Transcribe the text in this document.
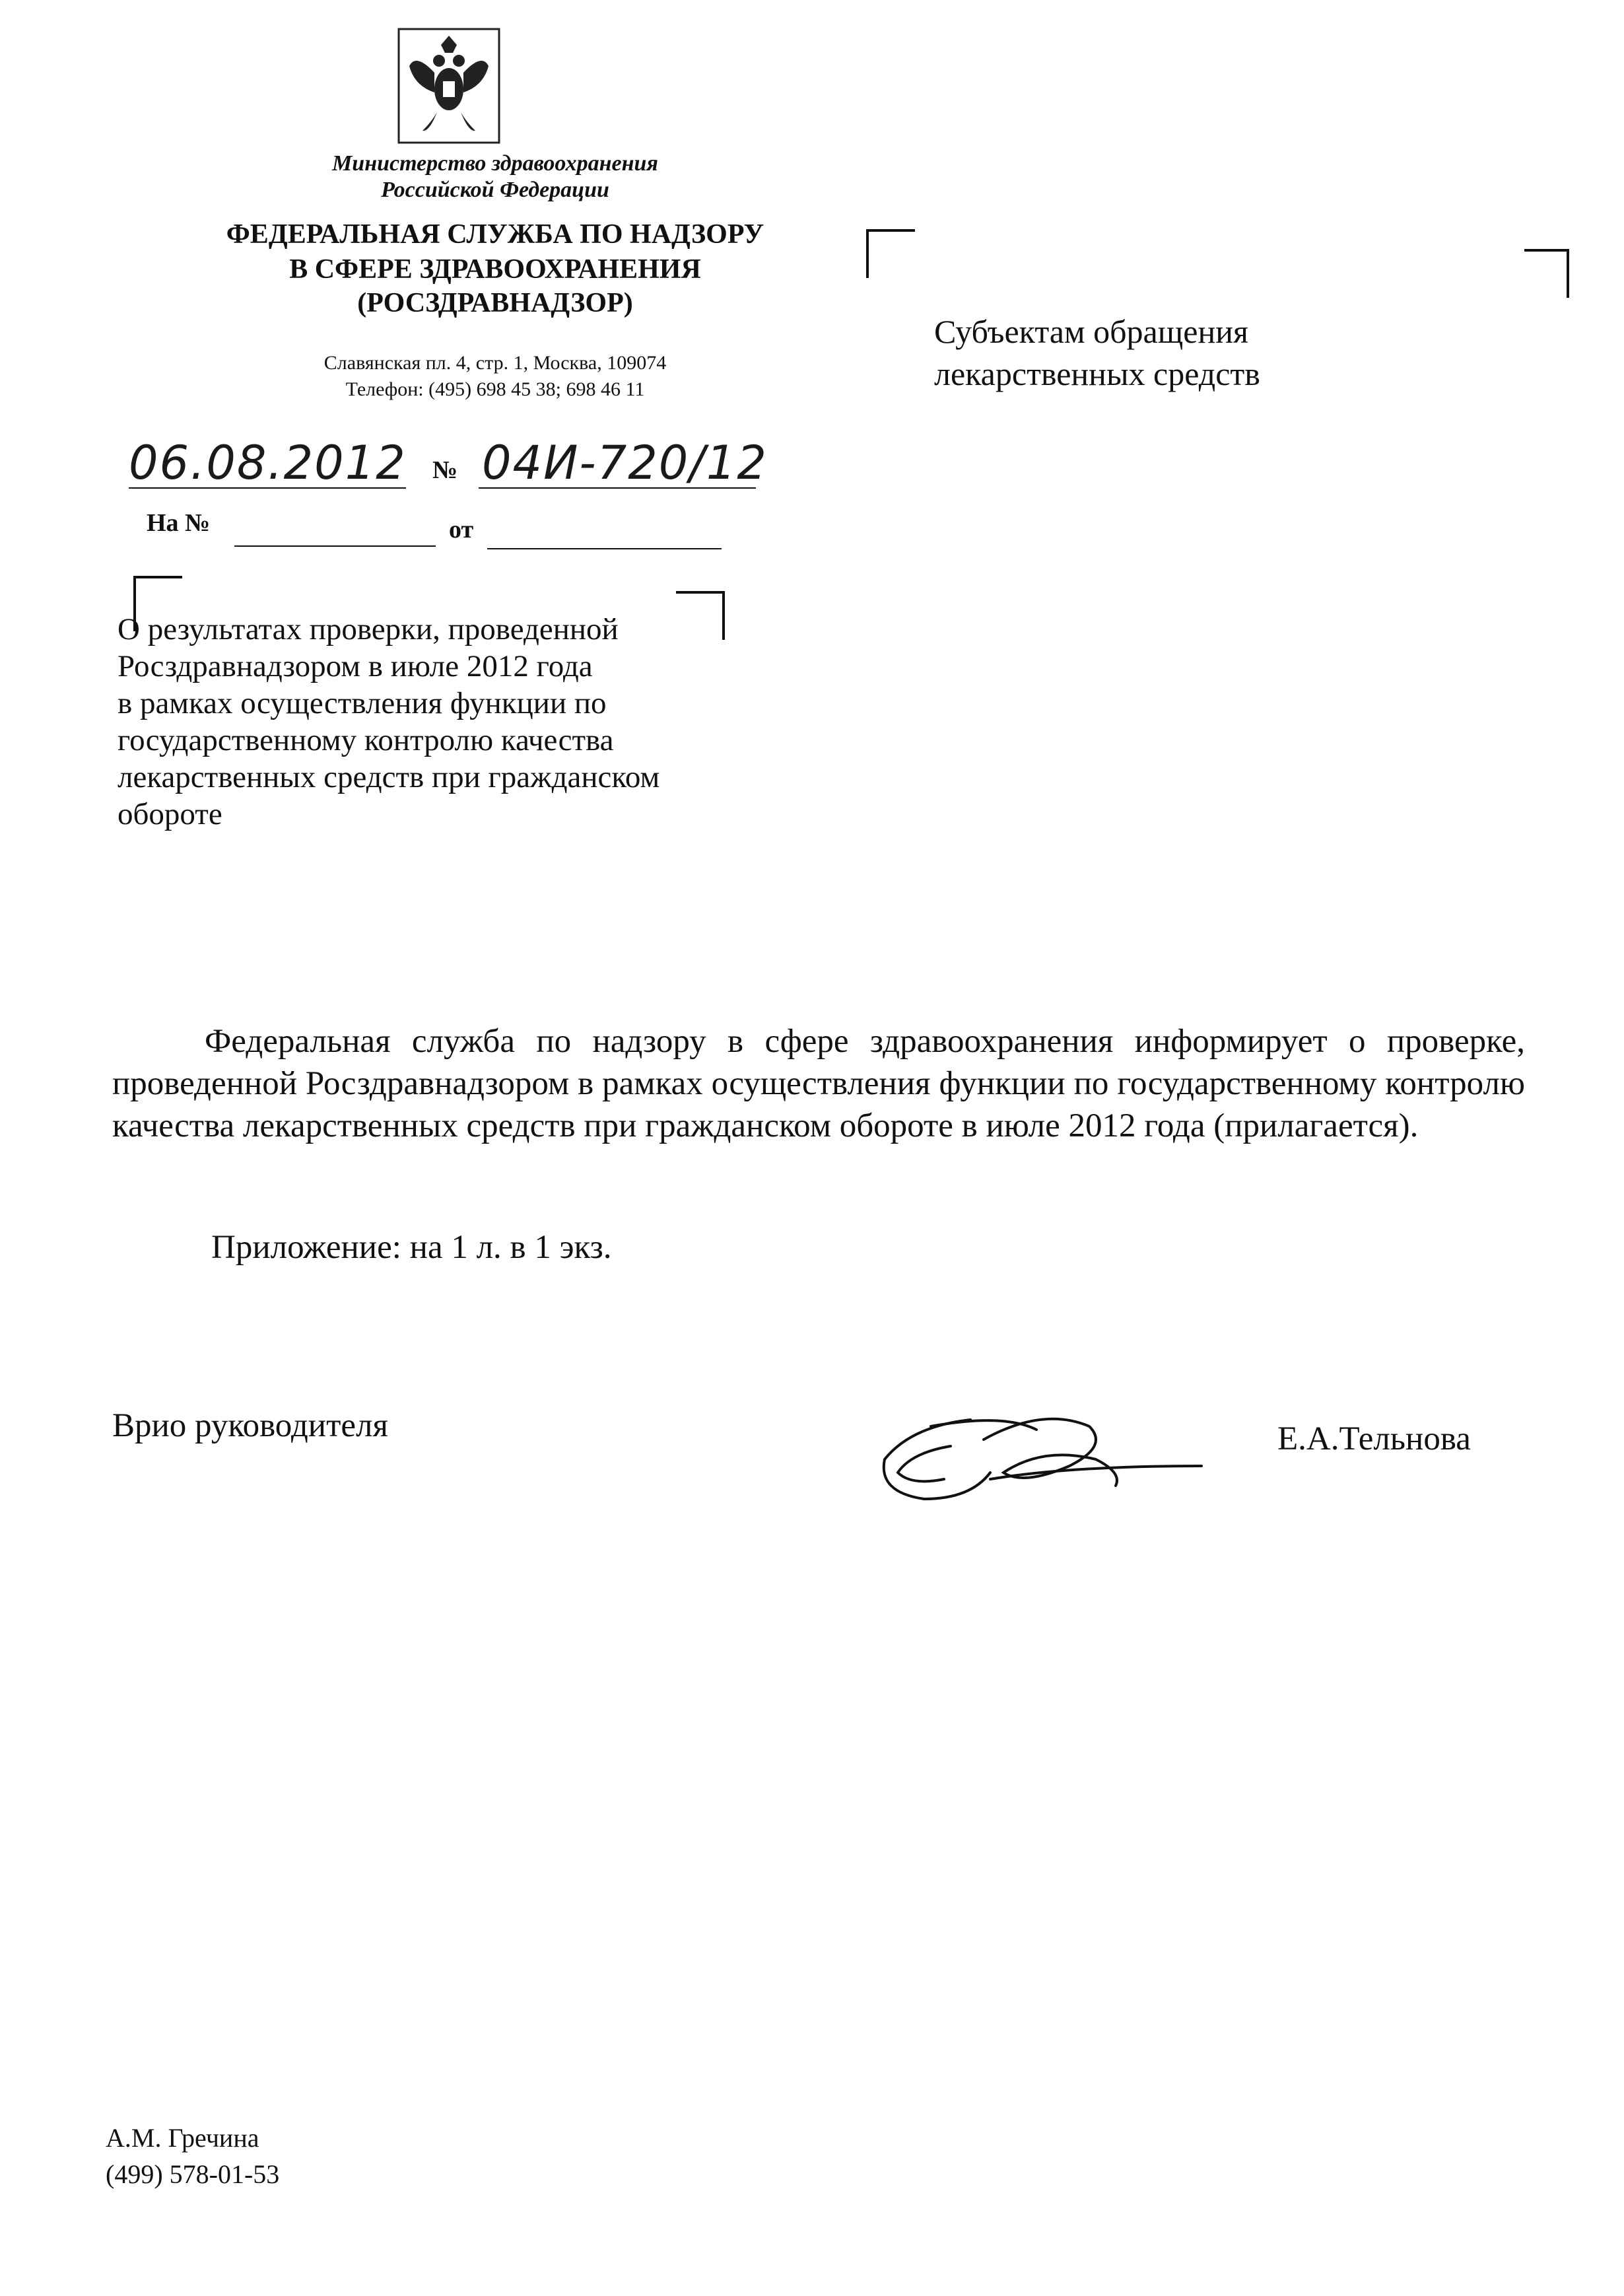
Министерство здравоохранения
Российской Федерации
ФЕДЕРАЛЬНАЯ СЛУЖБА ПО НАДЗОРУ
В СФЕРЕ ЗДРАВООХРАНЕНИЯ
(РОСЗДРАВНАДЗОР)
Славянская пл. 4, стр. 1, Москва, 109074
Телефон: (495) 698 45 38; 698 46 11
06.08.2012 № 04И-720/12
На №	от
Субъектам обращения
лекарственных средств
О результатах проверки, проведенной
Росздравнадзором в июле 2012 года
в рамках осуществления функции по
государственному контролю качества
лекарственных средств при гражданском
обороте
Федеральная служба по надзору в сфере здравоохранения информирует о проверке, проведенной Росздравнадзором в рамках осуществления функции по государственному контролю качества лекарственных средств при гражданском обороте в июле 2012 года (прилагается).
Приложение: на 1 л. в 1 экз.
Врио руководителя	Е.А.Тельнова
А.М. Гречина
(499) 578-01-53
